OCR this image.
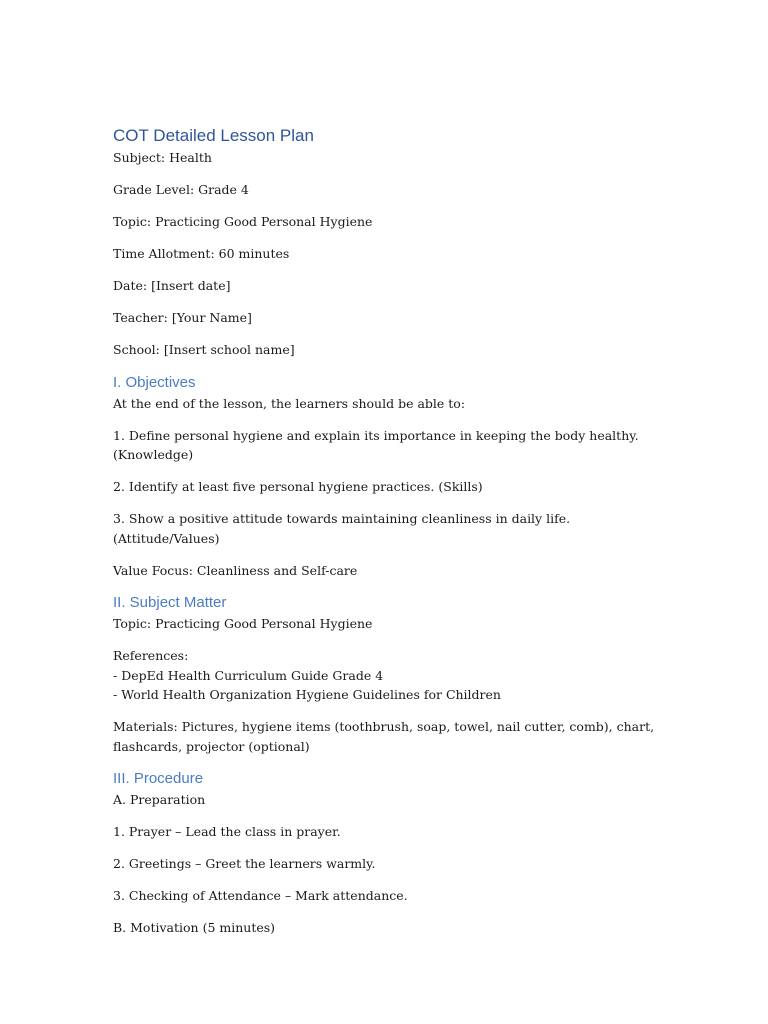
COT Detailed Lesson Plan

Subject: Health

Grade Level: Grade 4

Topic: Practicing Good Personal Hygiene

Time Allotment: 60 minutes

Date: [Insert date]

Teacher: [Your Name]

School: [Insert school name]

I. Objectives

At the end of the lesson, the learners should be able to:

1. Define personal hygiene and explain its importance in keeping the body healthy.
(Knowledge)

2. Identify at least five personal hygiene practices. (Skills)

3. Show a positive attitude towards maintaining cleanliness in daily life. (Attitude/Values)

Value Focus: Cleanliness and Self-care

II. Subject Matter

Topic: Practicing Good Personal Hygiene

References:
- DepEd Health Curriculum Guide Grade 4
- World Health Organization Hygiene Guidelines for Children

Materials: Pictures, hygiene items (toothbrush, soap, towel, nail cutter, comb), chart,
flashcards, projector (optional)

III. Procedure

A. Preparation

1. Prayer – Lead the class in prayer.

2. Greetings – Greet the learners warmly.

3. Checking of Attendance – Mark attendance.

B. Motivation (5 minutes)
